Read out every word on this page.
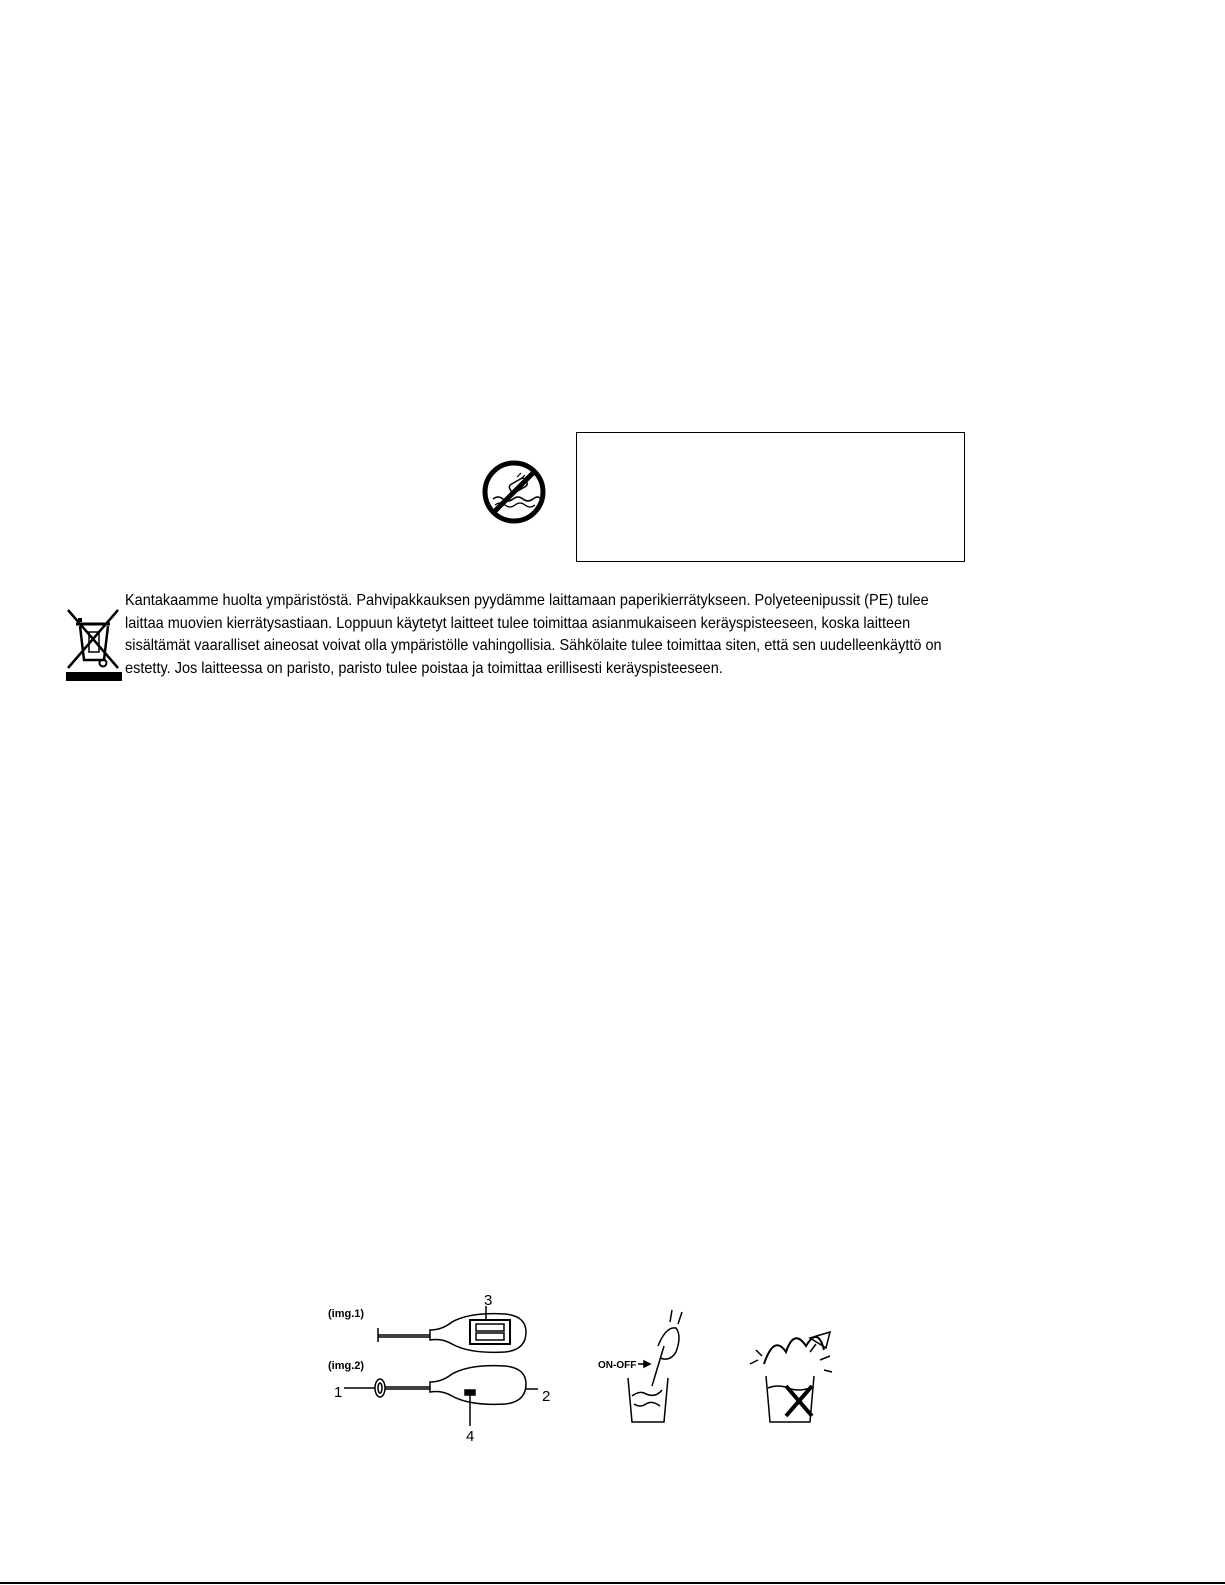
Kantakaamme huolta ympäristöstä. Pahvipakkauksen pyydämme laittamaan paperikierrätykseen. Polyeteenipussit (PE) tulee
laittaa muovien kierrätysastiaan. Loppuun käytetyt laitteet tulee toimittaa asianmukaiseen keräyspisteeseen, koska laitteen
sisältämät vaaralliset aineosat voivat olla ympäristölle vahingollisia. Sähkölaite tulee toimittaa siten, että sen uudelleenkäyttö on
estetty. Jos laitteessa on paristo, paristo tulee poistaa ja toimittaa erillisesti keräyspisteeseen.
(img.1)
(img.2)
3
1	2
4
ON-OFF
